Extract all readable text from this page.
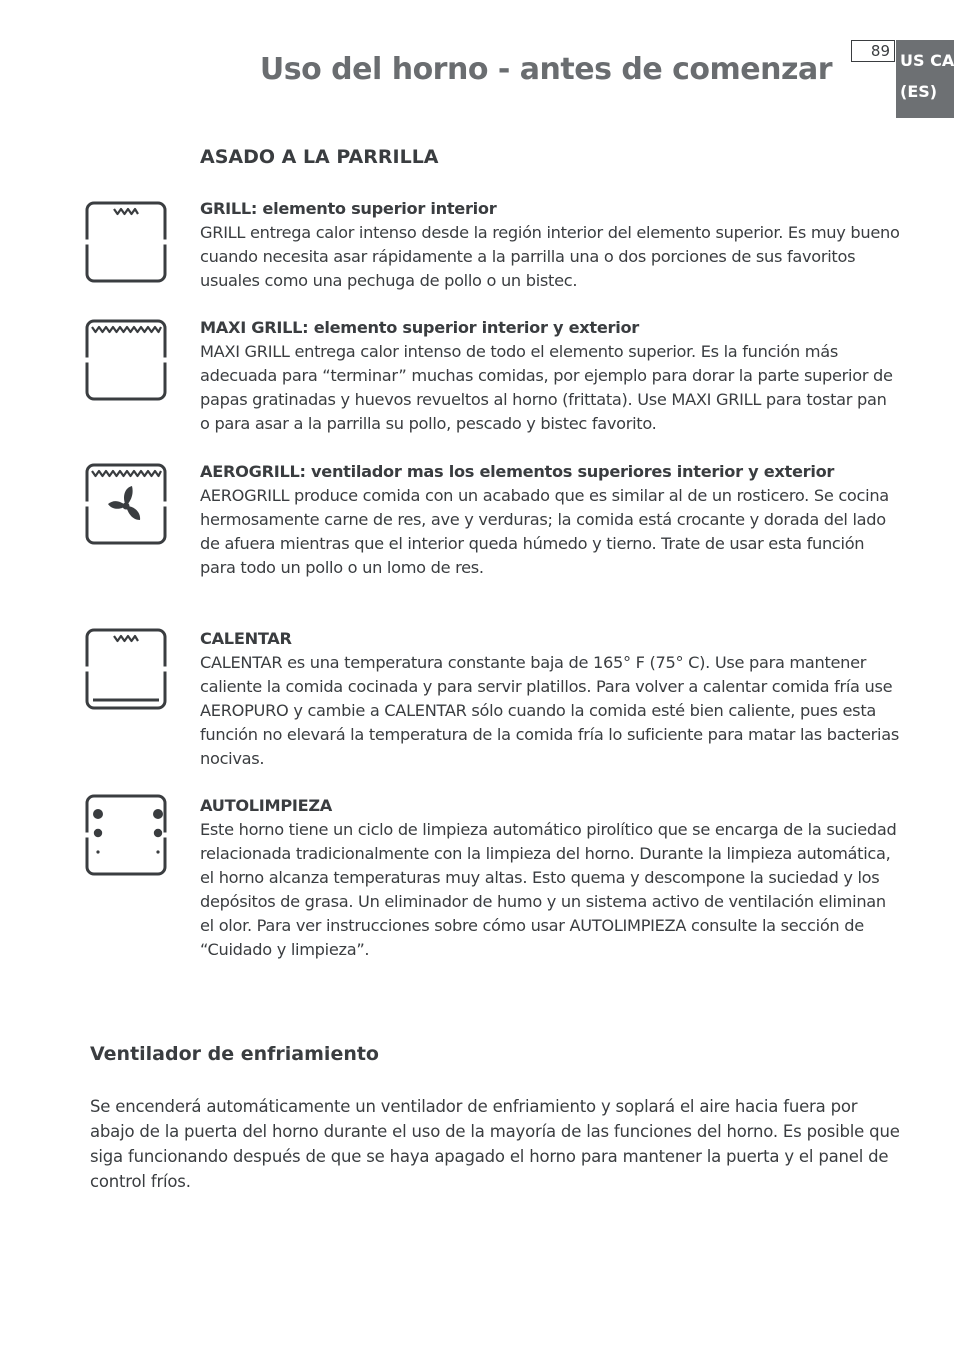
Uso del horno - antes de comenzar
89 US CA
(ES)
ASADO A LA PARRILLA
GRILL: elemento superior interior
GRILL entrega calor intenso desde la región interior del elemento superior. Es muy bueno cuando necesita asar rápidamente a la parrilla una o dos porciones de sus favoritos usuales como una pechuga de pollo o un bistec.
MAXI GRILL: elemento superior interior y exterior
MAXI GRILL entrega calor intenso de todo el elemento superior. Es la función más adecuada para “terminar” muchas comidas, por ejemplo para dorar la parte superior de papas gratinadas y huevos revueltos al horno (frittata). Use MAXI GRILL para tostar pan o para asar a la parrilla su pollo, pescado y bistec favorito.
AEROGRILL: ventilador mas los elementos superiores interior y exterior
AEROGRILL produce comida con un acabado que es similar al de un rosticero. Se cocina hermosamente carne de res, ave y verduras; la comida está crocante y dorada del lado de afuera mientras que el interior queda húmedo y tierno. Trate de usar esta función para todo un pollo o un lomo de res.
CALENTAR
CALENTAR es una temperatura constante baja de 165° F (75° C). Use para mantener caliente la comida cocinada y para servir platillos. Para volver a calentar comida fría use AEROPURO y cambie a CALENTAR sólo cuando la comida esté bien caliente, pues esta función no elevará la temperatura de la comida fría lo suficiente para matar las bacterias nocivas.
AUTOLIMPIEZA
Este horno tiene un ciclo de limpieza automático pirolítico que se encarga de la suciedad relacionada tradicionalmente con la limpieza del horno. Durante la limpieza automática, el horno alcanza temperaturas muy altas. Esto quema y descompone la suciedad y los depósitos de grasa. Un eliminador de humo y un sistema activo de ventilación eliminan el olor. Para ver instrucciones sobre cómo usar AUTOLIMPIEZA consulte la sección de “Cuidado y limpieza”.
Ventilador de enfriamiento

Se encenderá automáticamente un ventilador de enfriamiento y soplará el aire hacia fuera por abajo de la puerta del horno durante el uso de la mayoría de las funciones del horno. Es posible que siga funcionando después de que se haya apagado el horno para mantener la puerta y el panel de control fríos.
